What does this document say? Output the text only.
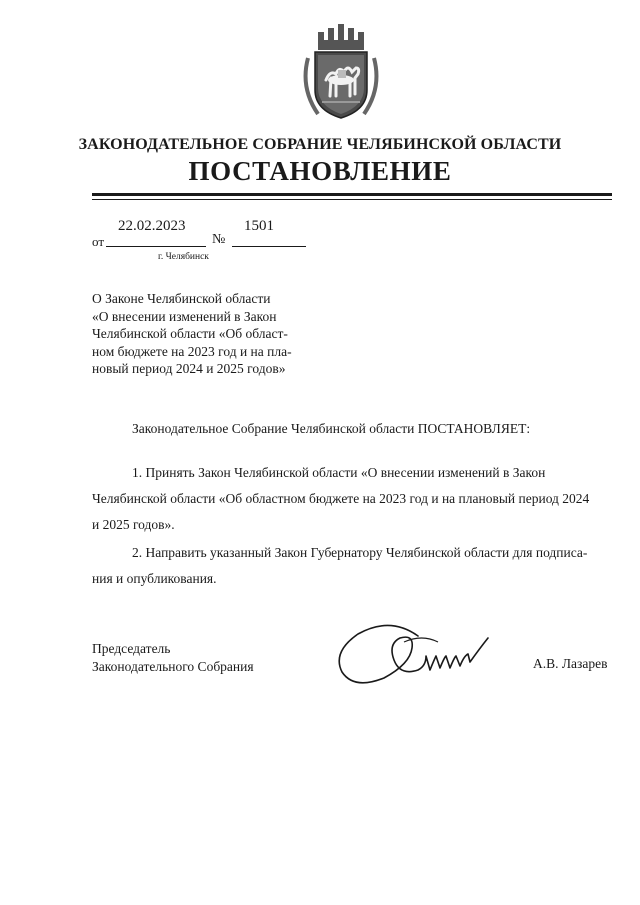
ЗАКОНОДАТЕЛЬНОЕ СОБРАНИЕ ЧЕЛЯБИНСКОЙ ОБЛАСТИ
ПОСТАНОВЛЕНИЕ
22.02.2023	1501
от	№
г. Челябинск
О Законе Челябинской области
«О внесении изменений в Закон
Челябинской области «Об област-
ном бюджете на 2023 год и на пла-
новый период 2024 и 2025 годов»
Законодательное Собрание Челябинской области ПОСТАНОВЛЯЕТ:
1. Принять Закон Челябинской области «О внесении изменений в Закон
Челябинской области «Об областном бюджете на 2023 год и на плановый период 2024
и 2025 годов».
2. Направить указанный Закон Губернатору Челябинской области для подписа-
ния и опубликования.
Председатель
Законодательного Собрания	А.В. Лазарев
